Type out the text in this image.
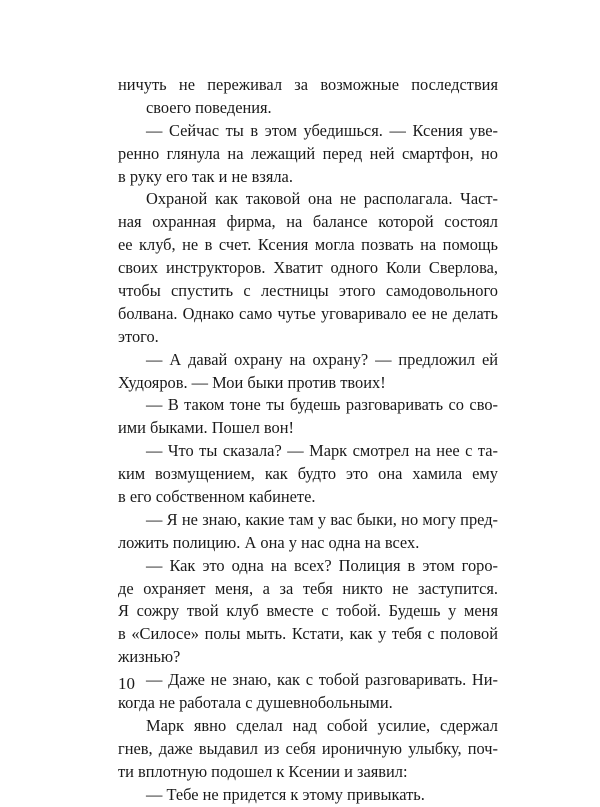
ничуть не переживал за возможные последствия
своего поведения.
— Сейчас ты в этом убедишься. — Ксения уве-
ренно глянула на лежащий перед ней смартфон, но
в руку его так и не взяла.
Охраной как таковой она не располагала. Част-
ная охранная фирма, на балансе которой состоял
ее клуб, не в счет. Ксения могла позвать на помощь
своих инструкторов. Хватит одного Коли Сверлова,
чтобы спустить с лестницы этого самодовольного
болвана. Однако само чутье уговаривало ее не делать
этого.
— А давай охрану на охрану? — предложил ей
Худояров. — Мои быки против твоих!
— В таком тоне ты будешь разговаривать со сво-
ими быками. Пошел вон!
— Что ты сказала? — Марк смотрел на нее с та-
ким возмущением, как будто это она хамила ему
в его собственном кабинете.
— Я не знаю, какие там у вас быки, но могу пред-
ложить полицию. А она у нас одна на всех.
— Как это одна на всех? Полиция в этом горо-
де охраняет меня, а за тебя никто не заступится.
Я сожру твой клуб вместе с тобой. Будешь у меня
в «Силосе» полы мыть. Кстати, как у тебя с половой
жизнью?
— Даже не знаю, как с тобой разговаривать. Ни-
когда не работала с душевнобольными.
Марк явно сделал над собой усилие, сдержал
гнев, даже выдавил из себя ироничную улыбку, поч-
ти вплотную подошел к Ксении и заявил:
— Тебе не придется к этому привыкать.
10
